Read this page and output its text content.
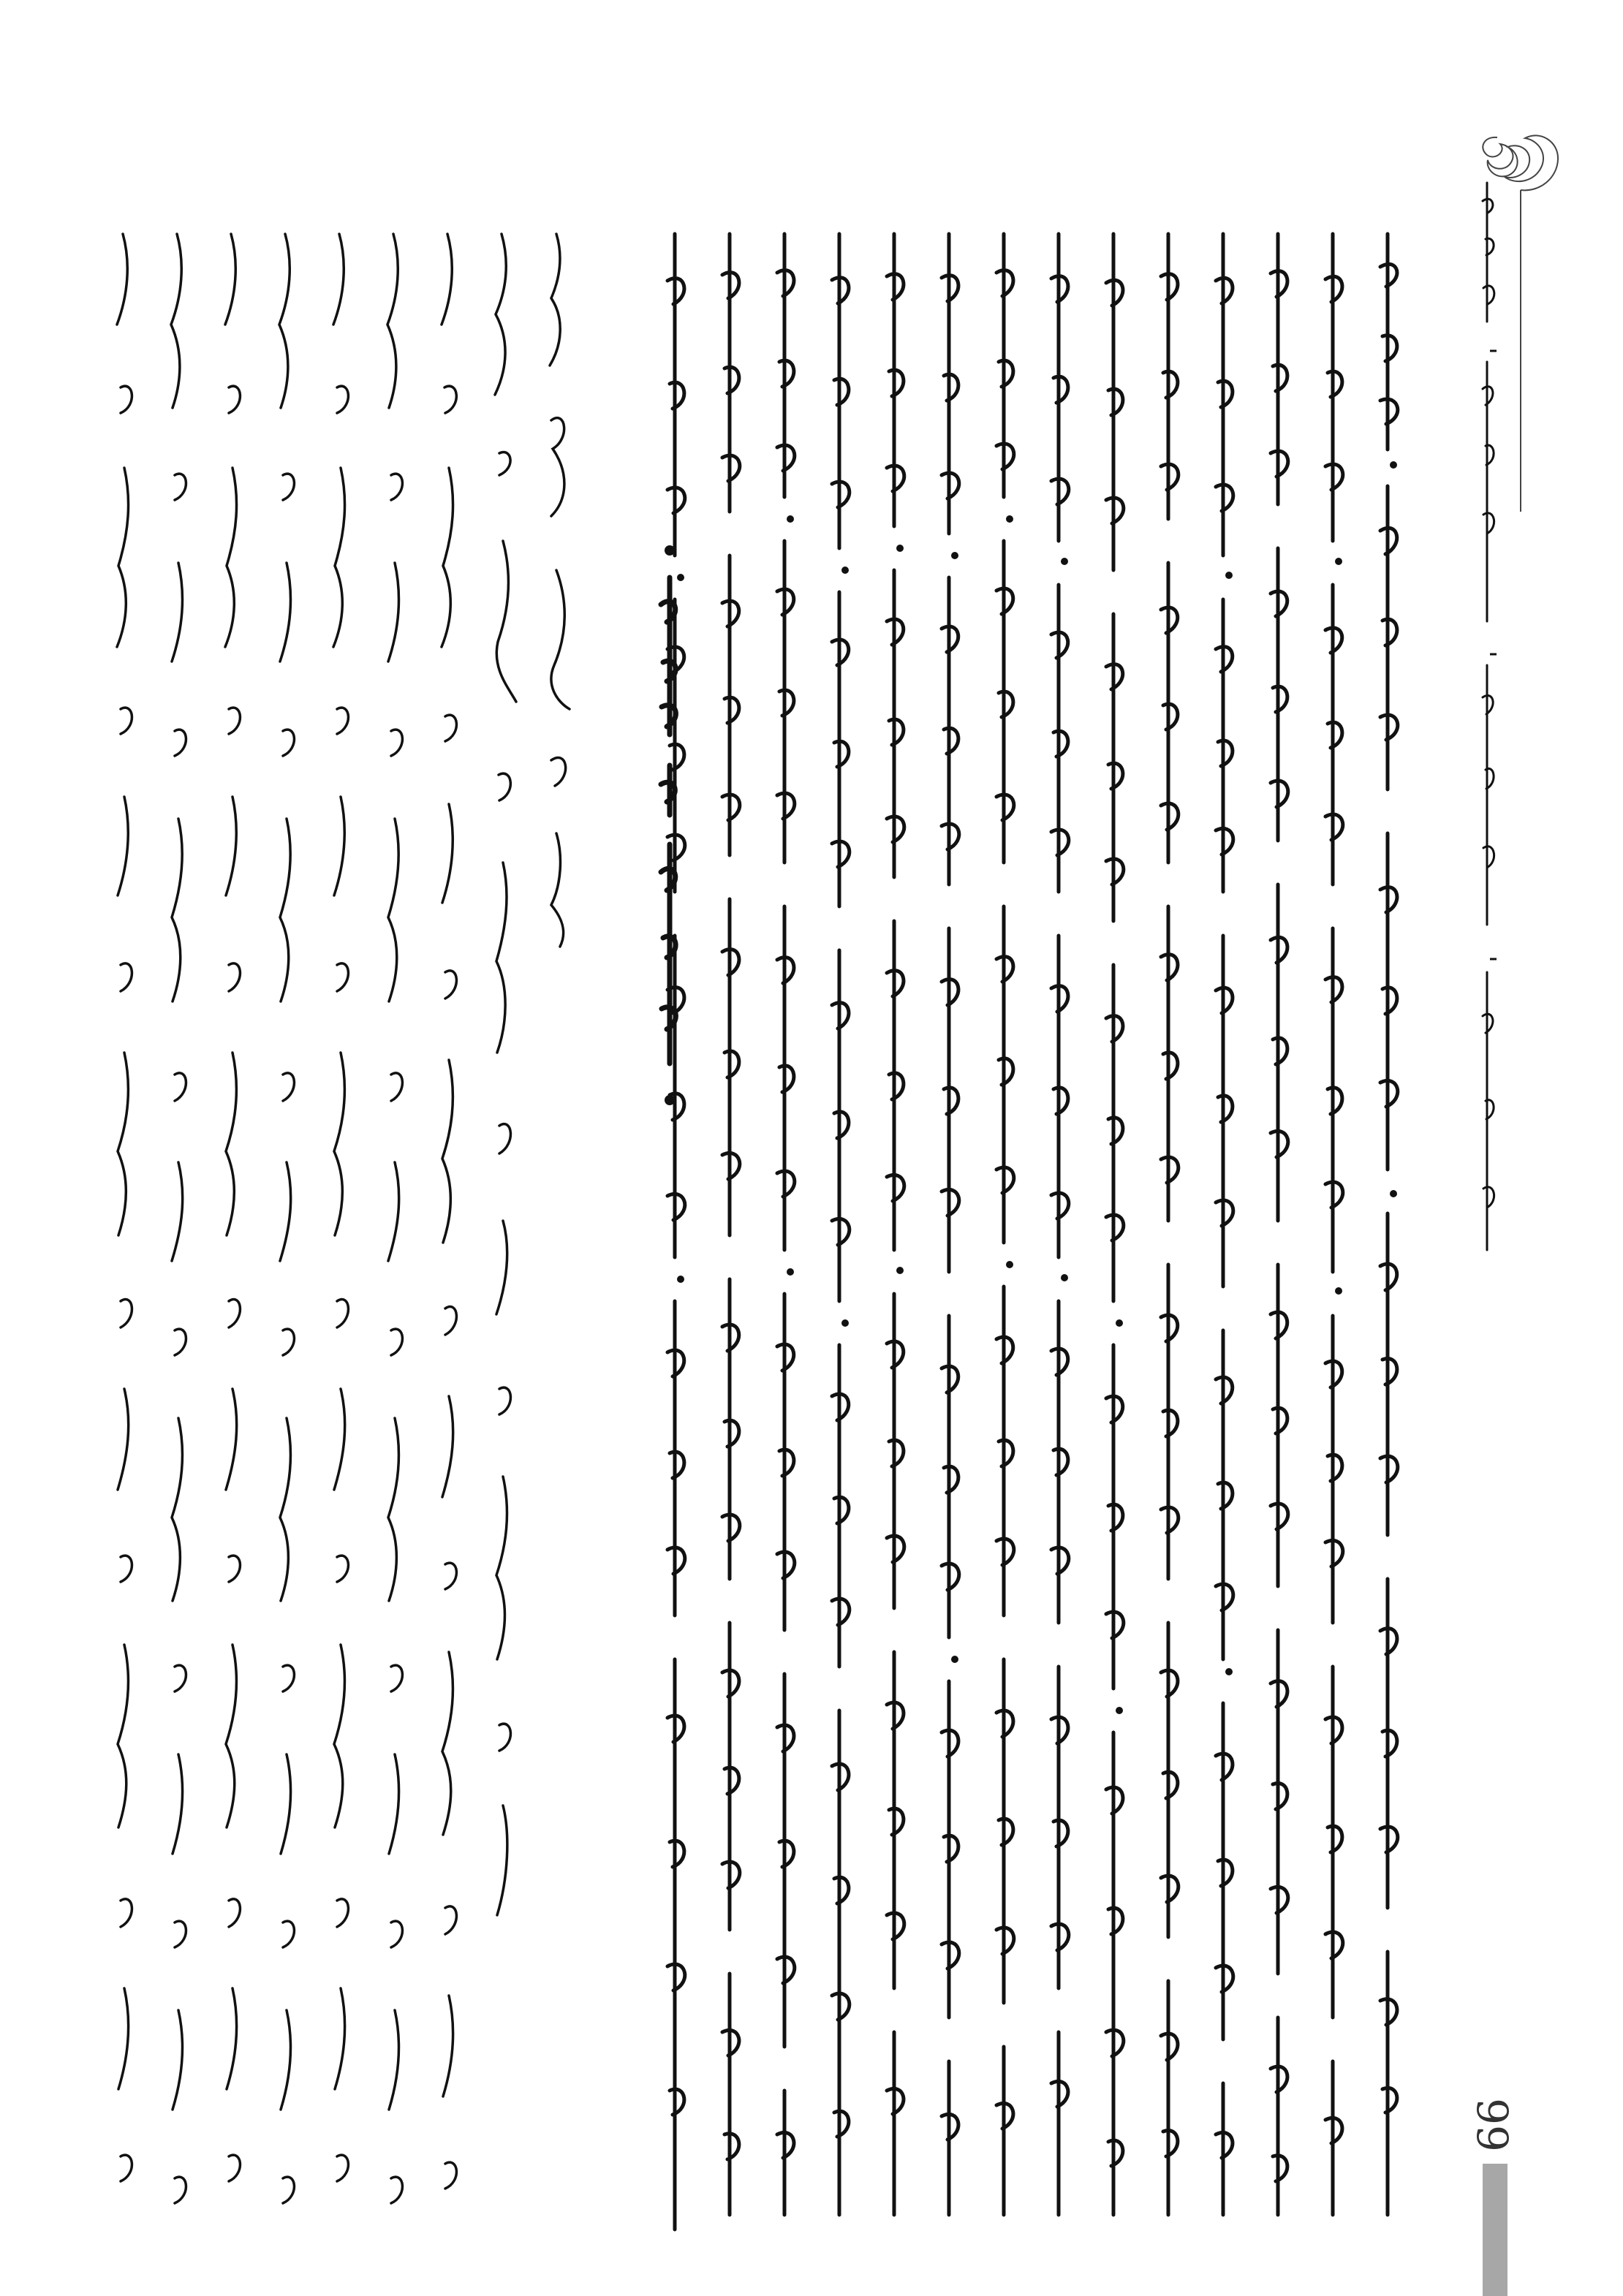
99
